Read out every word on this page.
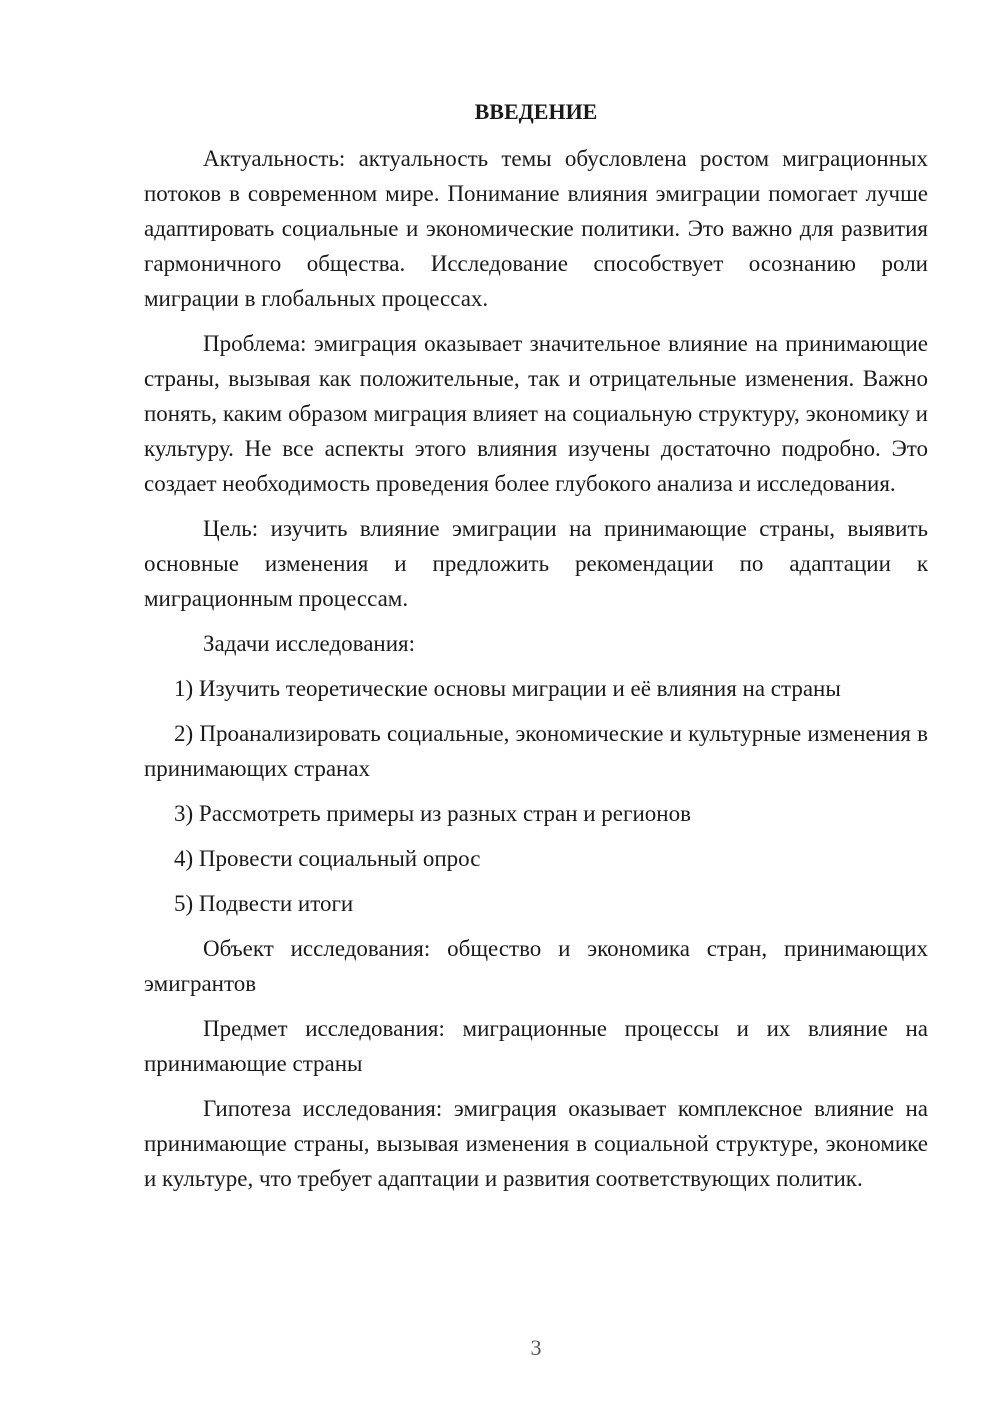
ВВЕДЕНИЕ

Актуальность: актуальность темы обусловлена ростом миграционных потоков в современном мире. Понимание влияния эмиграции помогает лучше адаптировать социальные и экономические политики. Это важно для развития гармоничного общества. Исследование способствует осознанию роли миграции в глобальных процессах.

Проблема: эмиграция оказывает значительное влияние на принимающие страны, вызывая как положительные, так и отрицательные изменения. Важно понять, каким образом миграция влияет на социальную структуру, экономику и культуру. Не все аспекты этого влияния изучены достаточно подробно. Это создает необходимость проведения более глубокого анализа и исследования.

Цель: изучить влияние эмиграции на принимающие страны, выявить основные изменения и предложить рекомендации по адаптации к миграционным процессам.

Задачи исследования:

1) Изучить теоретические основы миграции и её влияния на страны

2) Проанализировать социальные, экономические и культурные изменения в принимающих странах

3) Рассмотреть примеры из разных стран и регионов

4) Провести социальный опрос

5) Подвести итоги

Объект исследования: общество и экономика стран, принимающих эмигрантов

Предмет исследования: миграционные процессы и их влияние на принимающие страны

Гипотеза исследования: эмиграция оказывает комплексное влияние на принимающие страны, вызывая изменения в социальной структуре, экономике и культуре, что требует адаптации и развития соответствующих политик.

3
